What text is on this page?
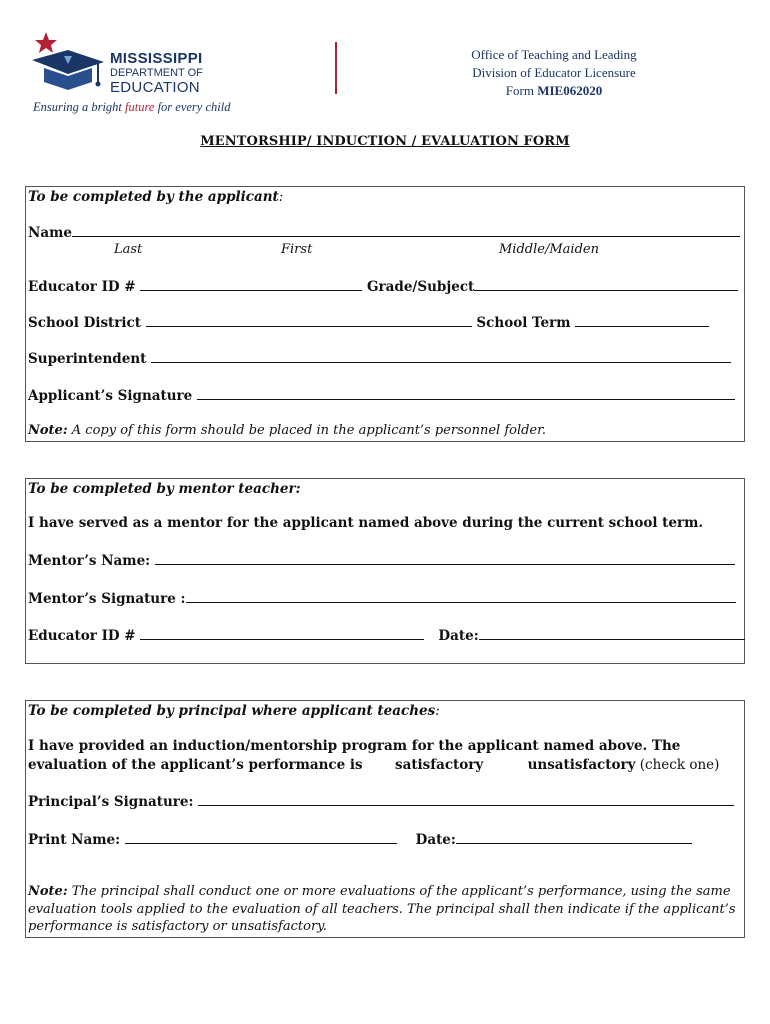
MISSISSIPPI
DEPARTMENT OF
EDUCATION
Ensuring a bright future for every child
Office of Teaching and Leading
Division of Educator Licensure
Form MIE062020
MENTORSHIP/ INDUCTION / EVALUATION FORM
To be completed by the applicant:
Name
Last	First	Middle/Maiden
Educator ID #	Grade/Subject
School District	School Term
Superintendent
Applicant’s Signature
Note: A copy of this form should be placed in the applicant’s personnel folder.
To be completed by mentor teacher:
I have served as a mentor for the applicant named above during the current school term.
Mentor’s Name:
Mentor’s Signature :
Educator ID #	Date:
To be completed by principal where applicant teaches:
I have provided an induction/mentorship program for the applicant named above. The
evaluation of the applicant’s performance is satisfactory	unsatisfactory (check one)
Principal’s Signature:
Print Name:	Date:
Note: The principal shall conduct one or more evaluations of the applicant’s performance, using the same
evaluation tools applied to the evaluation of all teachers. The principal shall then indicate if the applicant’s
performance is satisfactory or unsatisfactory.
